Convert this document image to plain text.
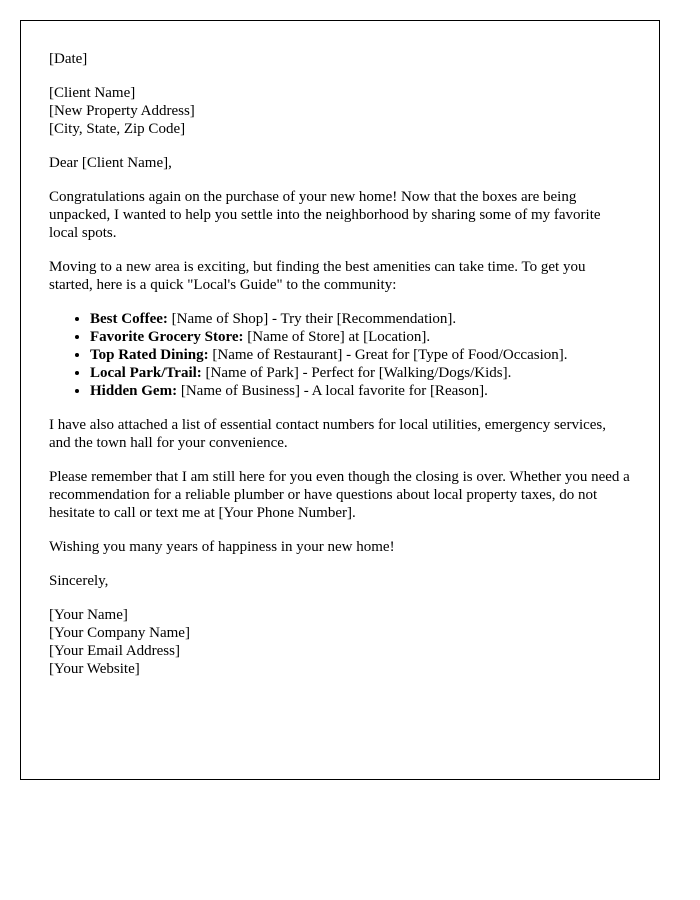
[Date]
[Client Name]
[New Property Address]
[City, State, Zip Code]

Dear [Client Name],

Congratulations again on the purchase of your new home! Now that the boxes are being unpacked, I wanted to help you settle into the neighborhood by sharing some of my favorite local spots.

Moving to a new area is exciting, but finding the best amenities can take time. To get you started, here is a quick "Local's Guide" to the community:

• Best Coffee: [Name of Shop] - Try their [Recommendation].
• Favorite Grocery Store: [Name of Store] at [Location].
• Top Rated Dining: [Name of Restaurant] - Great for [Type of Food/Occasion].
• Local Park/Trail: [Name of Park] - Perfect for [Walking/Dogs/Kids].
• Hidden Gem: [Name of Business] - A local favorite for [Reason].

I have also attached a list of essential contact numbers for local utilities, emergency services, and the town hall for your convenience.

Please remember that I am still here for you even though the closing is over. Whether you need a recommendation for a reliable plumber or have questions about local property taxes, do not hesitate to call or text me at [Your Phone Number].

Wishing you many years of happiness in your new home!

Sincerely,

[Your Name]
[Your Company Name]
[Your Email Address]
[Your Website]
